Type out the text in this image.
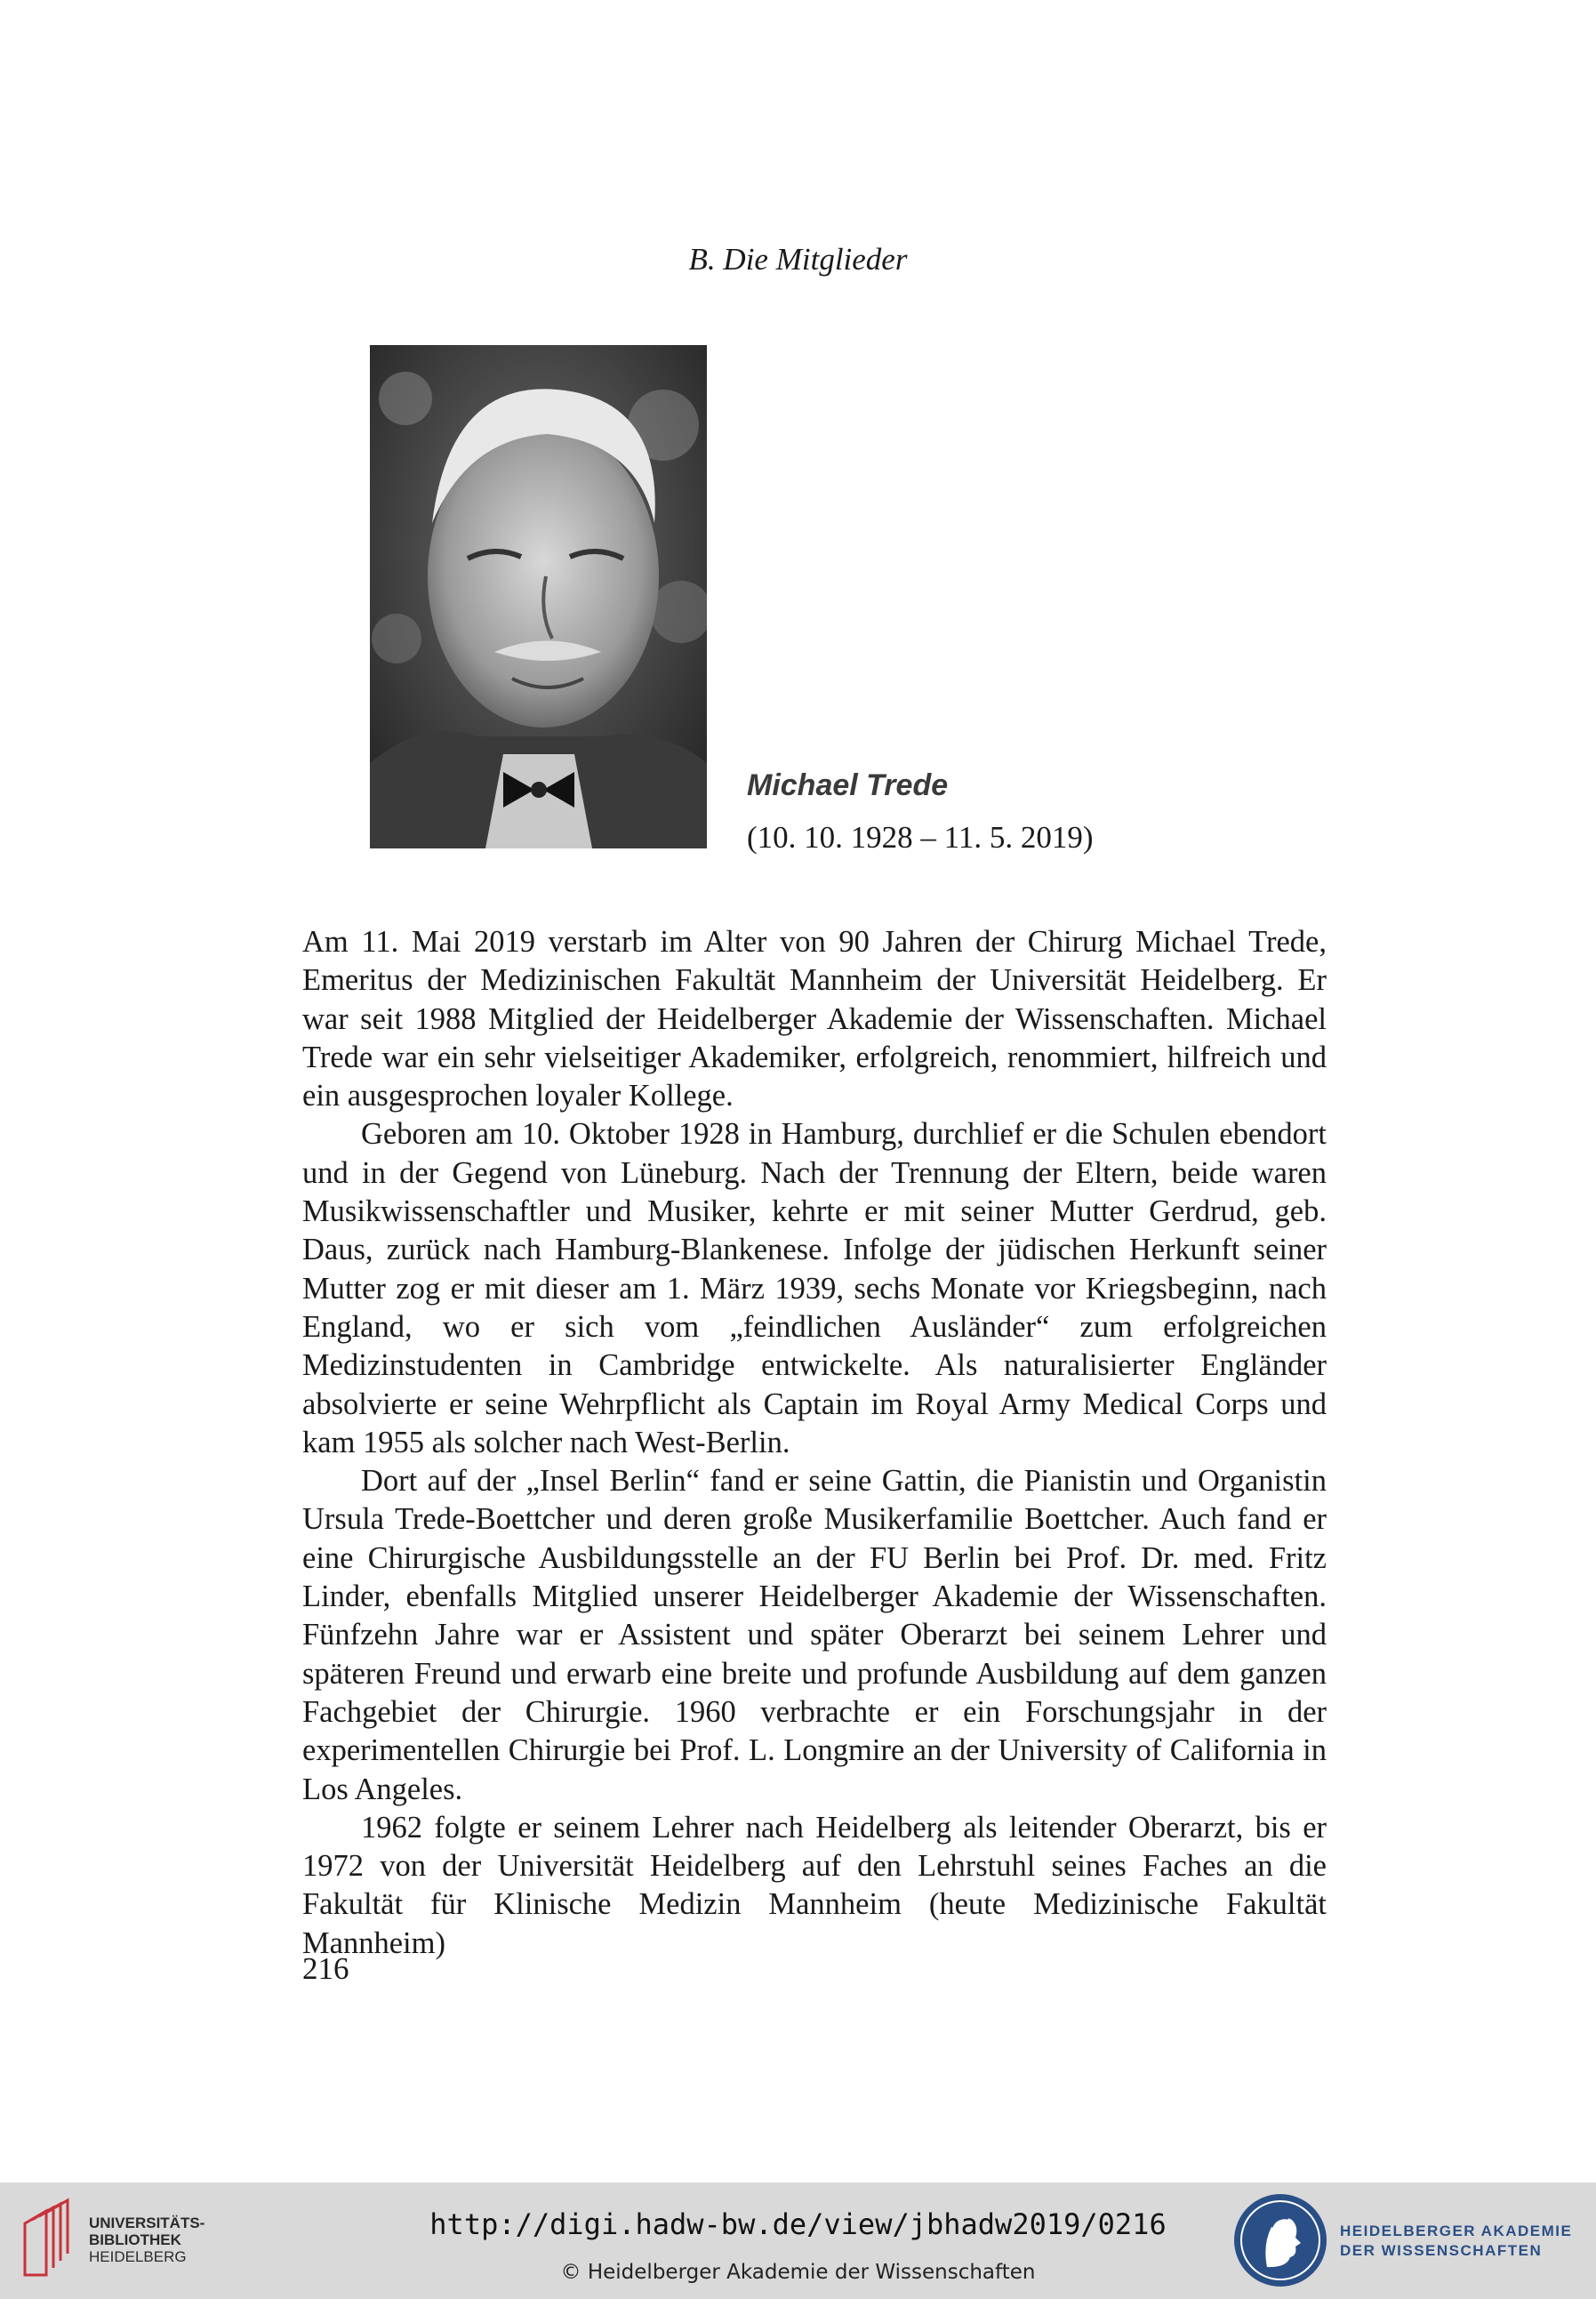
B. Die Mitglieder
Michael Trede
(10. 10. 1928 – 11. 5. 2019)

Am 11. Mai 2019 verstarb im Alter von 90 Jahren der Chirurg Michael Trede, Emeritus der Medizinischen Fakultät Mannheim der Universität Heidelberg. Er war seit 1988 Mitglied der Heidelberger Akademie der Wissenschaften. Michael Trede war ein sehr vielseitiger Akademiker, erfolgreich, renommiert, hilfreich und ein ausgesprochen loyaler Kollege.

Geboren am 10. Oktober 1928 in Hamburg, durchlief er die Schulen ebendort und in der Gegend von Lüneburg. Nach der Trennung der Eltern, beide waren Musikwissenschaftler und Musiker, kehrte er mit seiner Mutter Gerdrud, geb. Daus, zurück nach Hamburg-Blankenese. Infolge der jüdischen Herkunft seiner Mutter zog er mit dieser am 1. März 1939, sechs Monate vor Kriegsbeginn, nach England, wo er sich vom „feindlichen Ausländer“ zum erfolgreichen Medizinstudenten in Cambridge entwickelte. Als naturalisierter Engländer absolvierte er seine Wehrpflicht als Captain im Royal Army Medical Corps und kam 1955 als solcher nach West-Berlin.

Dort auf der „Insel Berlin“ fand er seine Gattin, die Pianistin und Organistin Ursula Trede-Boettcher und deren große Musikerfamilie Boettcher. Auch fand er eine Chirurgische Ausbildungsstelle an der FU Berlin bei Prof. Dr. med. Fritz Linder, ebenfalls Mitglied unserer Heidelberger Akademie der Wissenschaften. Fünfzehn Jahre war er Assistent und später Oberarzt bei seinem Lehrer und späteren Freund und erwarb eine breite und profunde Ausbildung auf dem ganzen Fachgebiet der Chirurgie. 1960 verbrachte er ein Forschungsjahr in der experimentellen Chirurgie bei Prof. L. Longmire an der University of California in Los Angeles.

1962 folgte er seinem Lehrer nach Heidelberg als leitender Oberarzt, bis er 1972 von der Universität Heidelberg auf den Lehrstuhl seines Faches an die Fakultät für Klinische Medizin Mannheim (heute Medizinische Fakultät Mannheim)

216
UNIVERSITÄTS-
BIBLIOTHEK
HEIDELBERG
http://digi.hadw-bw.de/view/jbhadw2019/0216
© Heidelberger Akademie der Wissenschaften
HEIDELBERGER AKADEMIE
DER WISSENSCHAFTEN
